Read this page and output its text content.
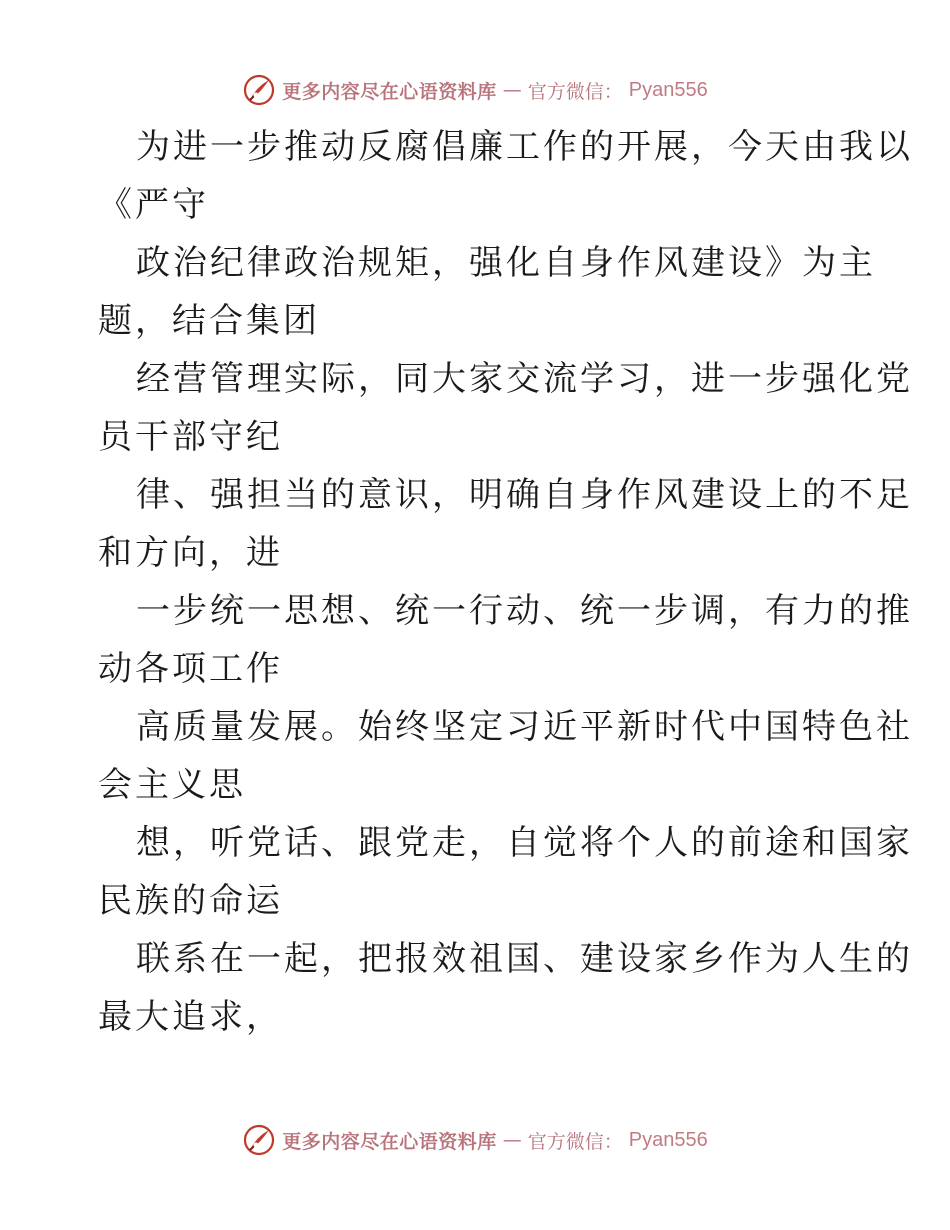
更多内容尽在心语资料库 — 官方微信： Pyan556
为进一步推动反腐倡廉工作的开展，今天由我以
《严守
政治纪律政治规矩，强化自身作风建设》为主
题，结合集团
经营管理实际，同大家交流学习，进一步强化党
员干部守纪
律、强担当的意识，明确自身作风建设上的不足
和方向，进
一步统一思想、统一行动、统一步调，有力的推
动各项工作
高质量发展。始终坚定习近平新时代中国特色社
会主义思
想，听党话、跟党走，自觉将个人的前途和国家
民族的命运
联系在一起，把报效祖国、建设家乡作为人生的
最大追求，
更多内容尽在心语资料库 — 官方微信： Pyan556
